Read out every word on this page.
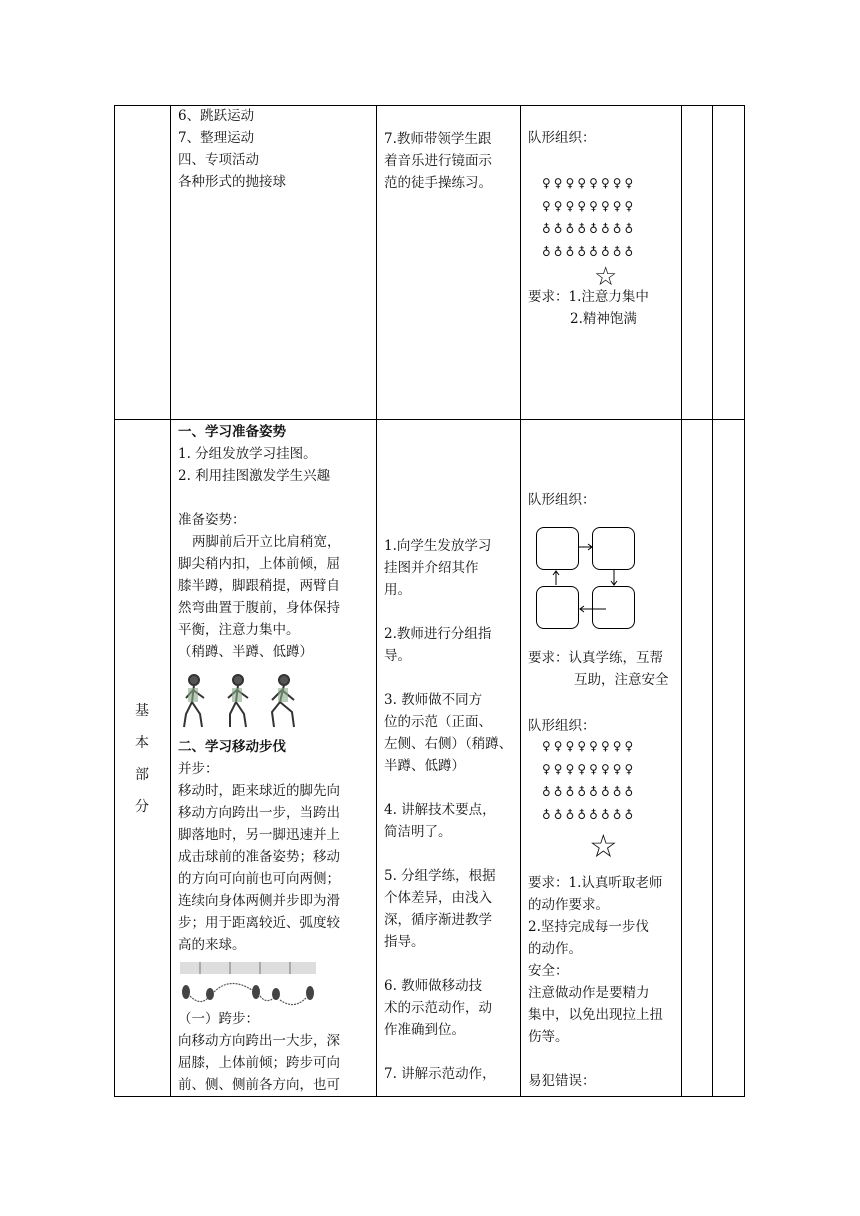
6、跳跃运动

7、整理运动

四、专项活动

各种形式的抛接球

7.教师带领学生跟

着音乐进行镜面示

范的徒手操练习。

队形组织：
♀♀♀♀♀♀♀♀
♀♀♀♀♀♀♀♀
♁♁♁♁♁♁♁♁
♁♁♁♁♁♁♁♁
☆

要求：1.注意力集中

2.精神饱满

基
本
部
分

一、学习准备姿势

1. 分组发放学习挂图。

2. 利用挂图激发学生兴趣

准备姿势：

两脚前后开立比肩稍宽，

脚尖稍内扣，上体前倾，屈

膝半蹲，脚跟稍提，两臂自

然弯曲置于腹前，身体保持

平衡，注意力集中。

（稍蹲、半蹲、低蹲）

二、学习移动步伐

并步：

移动时，距来球近的脚先向

移动方向跨出一步，当跨出

脚落地时，另一脚迅速并上

成击球前的准备姿势；移动

的方向可向前也可向两侧；

连续向身体两侧并步即为滑

步；用于距离较近、弧度较

高的来球。

（一）跨步：

向移动方向跨出一大步，深

屈膝，上体前倾；跨步可向

前、侧、侧前各方向，也可

1.向学生发放学习

挂图并介绍其作

用。

2.教师进行分组指

导。

3. 教师做不同方

位的示范（正面、

左侧、右侧）（稍蹲、

半蹲、低蹲）

4. 讲解技术要点，

简洁明了。

5. 分组学练，根据

个体差异，由浅入

深，循序渐进教学

指导。

6. 教师做移动技

术的示范动作，动

作准确到位。

7. 讲解示范动作，

队形组织：

要求：认真学练，互帮

互助，注意安全

队形组织：
♀♀♀♀♀♀♀♀
♀♀♀♀♀♀♀♀
♁♁♁♁♁♁♁♁
♁♁♁♁♁♁♁♁
☆

要求：1.认真听取老师

的动作要求。

2.坚持完成每一步伐

的动作。

安全：

注意做动作是要精力

集中，以免出现拉上扭

伤等。

易犯错误：
